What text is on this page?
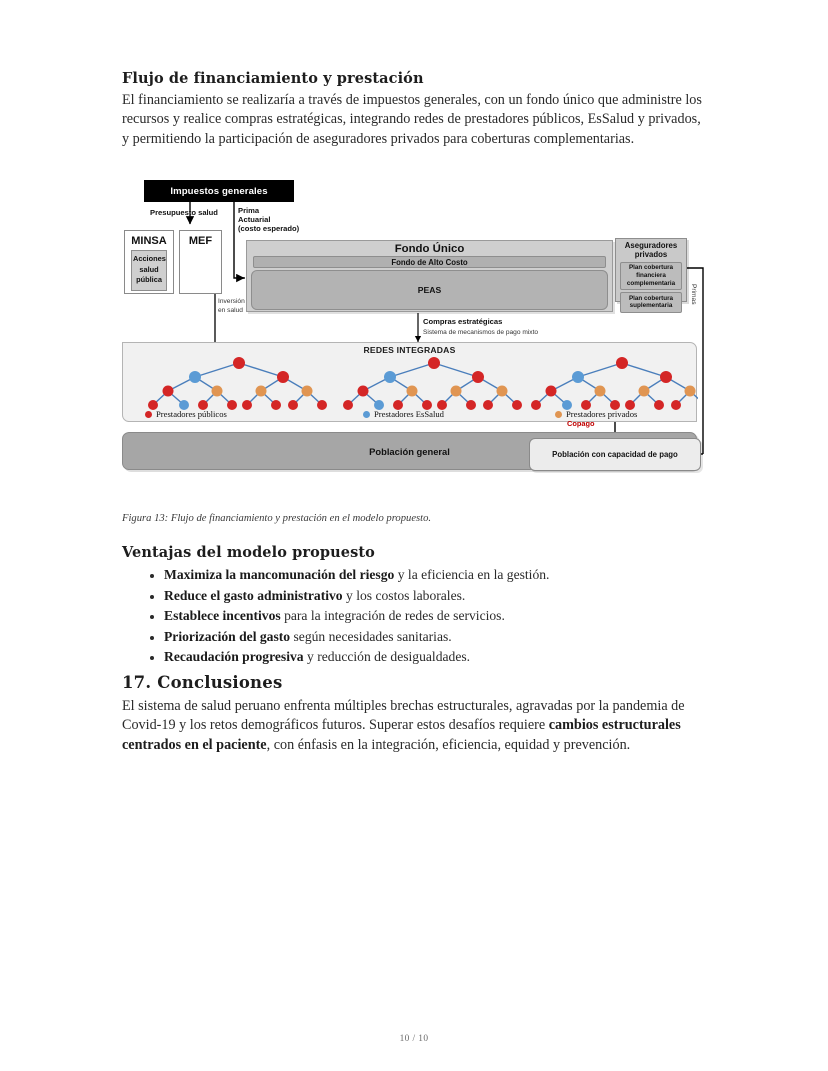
Flujo de financiamiento y prestación

El financiamiento se realizaría a través de impuestos generales, con un fondo único que administre los recursos y realice compras estratégicas, integrando redes de prestadores públicos, EsSalud y privados, y permitiendo la participación de aseguradores privados para coberturas complementarias.

Impuestos generales
Presupuesto salud	Prima
Actuarial
(costo esperado)
MINSA
Acciones
salud
pública
MEF
Inversión
en salud
Fondo Único
Fondo de Alto Costo
PEAS
Aseguradores
privados
Plan cobertura financiera complementaria
Plan cobertura suplementaria
Primas
Compras estratégicas
Sistema de mecanismos de pago mixto
REDES INTEGRADAS
Prestadores públicos	Prestadores EsSalud	Prestadores privados
Copago
Población general	Población con capacidad de pago
Figura 13: Flujo de financiamiento y prestación en el modelo propuesto.
Ventajas del modelo propuesto
• Maximiza la mancomunación del riesgo y la eficiencia en la gestión.
• Reduce el gasto administrativo y los costos laborales.
• Establece incentivos para la integración de redes de servicios.
• Priorización del gasto según necesidades sanitarias.
• Recaudación progresiva y reducción de desigualdades.
17. Conclusiones

El sistema de salud peruano enfrenta múltiples brechas estructurales, agravadas por la pandemia de Covid-19 y los retos demográficos futuros. Superar estos desafíos requiere cambios estructurales centrados en el paciente, con énfasis en la integración, eficiencia, equidad y prevención.

10 / 10
